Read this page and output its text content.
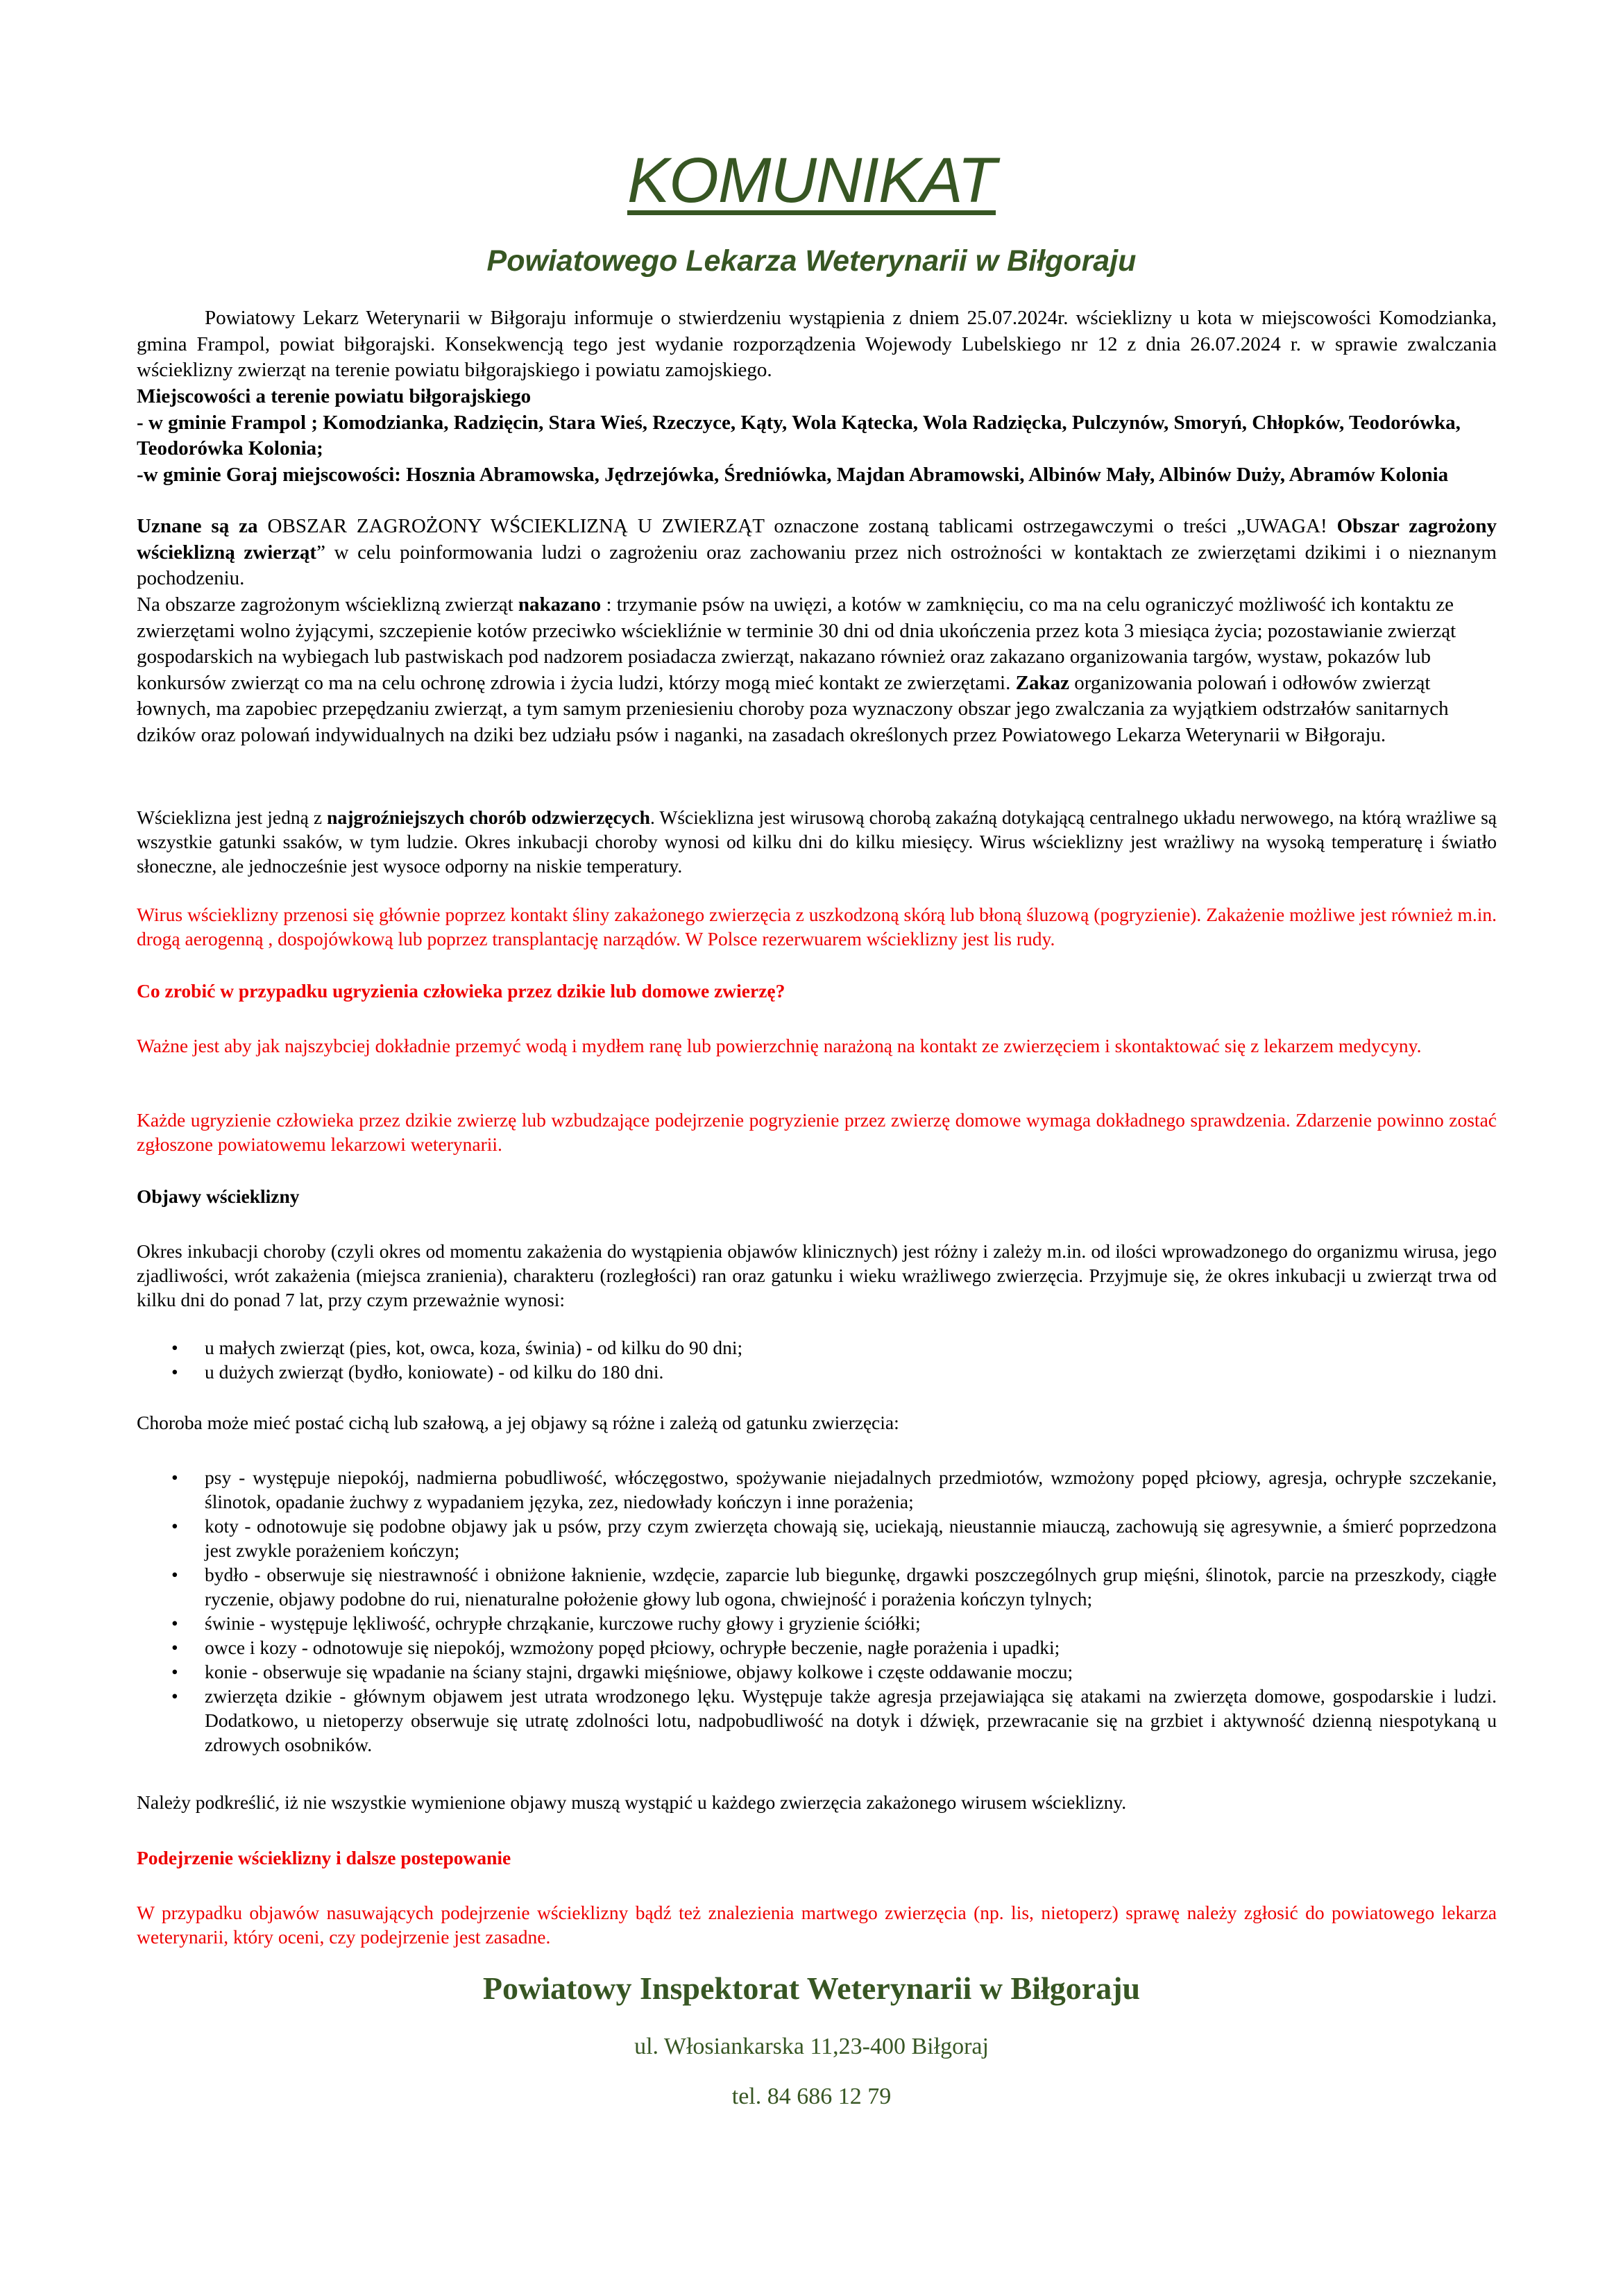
KOMUNIKAT
Powiatowego Lekarza Weterynarii w Biłgoraju
Powiatowy Lekarz Weterynarii w Biłgoraju informuje o stwierdzeniu wystąpienia z dniem 25.07.2024r. wścieklizny u kota w miejscowości Komodzianka, gmina Frampol, powiat biłgorajski. Konsekwencją tego jest wydanie rozporządzenia Wojewody Lubelskiego nr 12 z dnia 26.07.2024 r. w sprawie zwalczania wścieklizny zwierząt na terenie powiatu biłgorajskiego i powiatu zamojskiego.
Miejscowości a terenie powiatu biłgorajskiego
- w gminie Frampol ; Komodzianka, Radzięcin, Stara Wieś, Rzeczyce, Kąty, Wola Kątecka, Wola Radzięcka, Pulczynów, Smoryń, Chłopków, Teodorówka, Teodorówka Kolonia;
-w gminie Goraj miejscowości: Hosznia Abramowska, Jędrzejówka, Średniówka, Majdan Abramowski, Albinów Mały, Albinów Duży, Abramów Kolonia
Uznane są za OBSZAR ZAGROŻONY WŚCIEKLIZNĄ U ZWIERZĄT oznaczone zostaną tablicami ostrzegawczymi o treści „UWAGA! Obszar zagrożony wścieklizną zwierząt” w celu poinformowania ludzi o zagrożeniu oraz zachowaniu przez nich ostrożności w kontaktach ze zwierzętami dzikimi i o nieznanym pochodzeniu.
Na obszarze zagrożonym wścieklizną zwierząt nakazano : trzymanie psów na uwięzi, a kotów w zamknięciu, co ma na celu ograniczyć możliwość ich kontaktu ze zwierzętami wolno żyjącymi, szczepienie kotów przeciwko wściekliźnie w terminie 30 dni od dnia ukończenia przez kota 3 miesiąca życia; pozostawianie zwierząt gospodarskich na wybiegach lub pastwiskach pod nadzorem posiadacza zwierząt, nakazano również oraz zakazano organizowania targów, wystaw, pokazów lub konkursów zwierząt co ma na celu ochronę zdrowia i życia ludzi, którzy mogą mieć kontakt ze zwierzętami. Zakaz organizowania polowań i odłowów zwierząt łownych, ma zapobiec przepędzaniu zwierząt, a tym samym przeniesieniu choroby poza wyznaczony obszar jego zwalczania za wyjątkiem odstrzałów sanitarnych dzików oraz polowań indywidualnych na dziki bez udziału psów i naganki, na zasadach określonych przez Powiatowego Lekarza Weterynarii w Biłgoraju.
Wścieklizna jest jedną z najgroźniejszych chorób odzwierzęcych. Wścieklizna jest wirusową chorobą zakaźną dotykającą centralnego układu nerwowego, na którą wrażliwe są wszystkie gatunki ssaków, w tym ludzie. Okres inkubacji choroby wynosi od kilku dni do kilku miesięcy. Wirus wścieklizny jest wrażliwy na wysoką temperaturę i światło słoneczne, ale jednocześnie jest wysoce odporny na niskie temperatury.
Wirus wścieklizny przenosi się głównie poprzez kontakt śliny zakażonego zwierzęcia z uszkodzoną skórą lub błoną śluzową (pogryzienie). Zakażenie możliwe jest również m.in. drogą aerogenną , dospojówkową lub poprzez transplantację narządów. W Polsce rezerwuarem wścieklizny jest lis rudy.
Co zrobić w przypadku ugryzienia człowieka przez dzikie lub domowe zwierzę?
Ważne jest aby jak najszybciej dokładnie przemyć wodą i mydłem ranę lub powierzchnię narażoną na kontakt ze zwierzęciem i skontaktować się z lekarzem medycyny.
Każde ugryzienie człowieka przez dzikie zwierzę lub wzbudzające podejrzenie pogryzienie przez zwierzę domowe wymaga dokładnego sprawdzenia. Zdarzenie powinno zostać zgłoszone powiatowemu lekarzowi weterynarii.
Objawy wścieklizny
Okres inkubacji choroby (czyli okres od momentu zakażenia do wystąpienia objawów klinicznych) jest różny i zależy m.in. od ilości wprowadzonego do organizmu wirusa, jego zjadliwości, wrót zakażenia (miejsca zranienia), charakteru (rozległości) ran oraz gatunku i wieku wrażliwego zwierzęcia. Przyjmuje się, że okres inkubacji u zwierząt trwa od kilku dni do ponad 7 lat, przy czym przeważnie wynosi:
• u małych zwierząt (pies, kot, owca, koza, świnia) - od kilku do 90 dni;
• u dużych zwierząt (bydło, koniowate) - od kilku do 180 dni.
Choroba może mieć postać cichą lub szałową, a jej objawy są różne i zależą od gatunku zwierzęcia:
• psy - występuje niepokój, nadmierna pobudliwość, włóczęgostwo, spożywanie niejadalnych przedmiotów, wzmożony popęd płciowy, agresja, ochrypłe szczekanie, ślinotok, opadanie żuchwy z wypadaniem języka, zez, niedowłady kończyn i inne porażenia;
• koty - odnotowuje się podobne objawy jak u psów, przy czym zwierzęta chowają się, uciekają, nieustannie miauczą, zachowują się agresywnie, a śmierć poprzedzona jest zwykle porażeniem kończyn;
• bydło - obserwuje się niestrawność i obniżone łaknienie, wzdęcie, zaparcie lub biegunkę, drgawki poszczególnych grup mięśni, ślinotok, parcie na przeszkody, ciągłe ryczenie, objawy podobne do rui, nienaturalne położenie głowy lub ogona, chwiejność i porażenia kończyn tylnych;
• świnie - występuje lękliwość, ochrypłe chrząkanie, kurczowe ruchy głowy i gryzienie ściółki;
• owce i kozy - odnotowuje się niepokój, wzmożony popęd płciowy, ochrypłe beczenie, nagłe porażenia i upadki;
• konie - obserwuje się wpadanie na ściany stajni, drgawki mięśniowe, objawy kolkowe i częste oddawanie moczu;
• zwierzęta dzikie - głównym objawem jest utrata wrodzonego lęku. Występuje także agresja przejawiająca się atakami na zwierzęta domowe, gospodarskie i ludzi. Dodatkowo, u nietoperzy obserwuje się utratę zdolności lotu, nadpobudliwość na dotyk i dźwięk, przewracanie się na grzbiet i aktywność dzienną niespotykaną u zdrowych osobników.
Należy podkreślić, iż nie wszystkie wymienione objawy muszą wystąpić u każdego zwierzęcia zakażonego wirusem wścieklizny.
Podejrzenie wścieklizny i dalsze postepowanie
W przypadku objawów nasuwających podejrzenie wścieklizny bądź też znalezienia martwego zwierzęcia (np. lis, nietoperz) sprawę należy zgłosić do powiatowego lekarza weterynarii, który oceni, czy podejrzenie jest zasadne.
Powiatowy Inspektorat Weterynarii w Biłgoraju
ul. Włosiankarska 11,23-400 Biłgoraj
tel. 84 686 12 79
